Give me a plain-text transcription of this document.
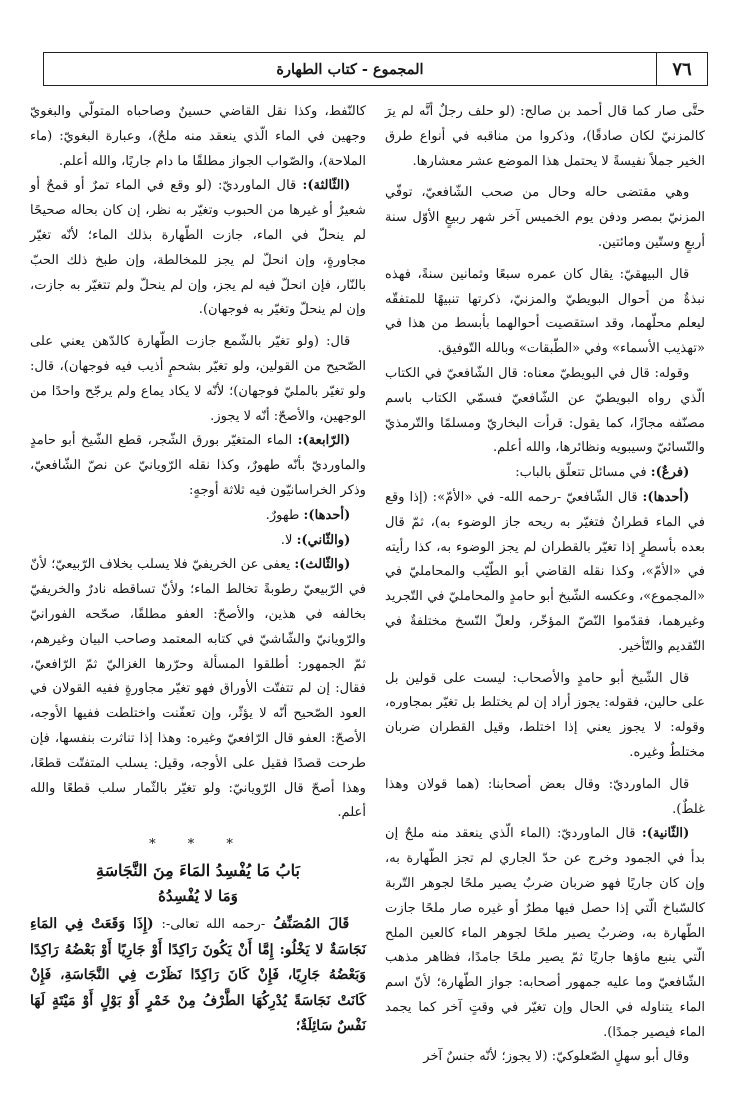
المجموع
-
كتاب الطهارة	٧٦

حتَّى صار كما قال أحمد بن صالح: (لو حلف رجلٌ أنَّه لم يرَ كالمزنيّ لكان صادقًا)، وذكروا من مناقبه في أنواع طرق الخير جملاً نفيسةً لا يحتمل هذا الموضع عشر معشارها.

وهي مقتضى حاله وحال من صحب الشّافعيّ، توفّي المزنيّ بمصر ودفن يوم الخميس آخر شهر ربيعٍ الأوّل سنة أربعٍ وستّين ومائتين.

قال البيهقيّ: يقال كان عمره سبعًا وثمانين سنةً، فهذه نبذةٌ من أحوال البويطيّ والمزنيّ، ذكرتها تنبيهًا للمتفقّه ليعلم محلّهما، وقد استقصيت أحوالهما بأبسط من هذا في «تهذيب الأسماء» وفي «الطّبقات» وبالله التّوفيق.

وقوله: قال في البويطيّ معناه: قال الشّافعيّ في الكتاب الّذي رواه البويطيّ عن الشّافعيّ فسمّي الكتاب باسم مصنّفه مجازًا، كما يقول: قرأت البخاريّ ومسلمًا والتّرمذيّ والنّسائيّ وسيبويه ونظائرها، والله أعلم.

(فرعٌ): في مسائل تتعلّق بالباب:

(أحدها): قال الشّافعيّ -رحمه الله- في «الأمّ»: (إذا وقع في الماء قطرانٌ فتغيّر به ريحه جاز الوضوء به)، ثمّ قال بعده بأسطرٍ إذا تغيّر بالقطران لم يجز الوضوء به، كذا رأيته في «الأمّ»، وكذا نقله القاضي أبو الطّيّب والمحامليّ في «المجموع»، وعكسه الشّيخ أبو حامدٍ والمحامليّ في التّجريد وغيرهما، فقدّموا النّصّ المؤخّر، ولعلّ النّسخ مختلفةٌ في التّقديم والتّأخير.

قال الشّيخ أبو حامدٍ والأصحاب: ليست على قولين بل على حالين، فقوله: يجوز أراد إن لم يختلط بل تغيّر بمجاوره، وقوله: لا يجوز يعني إذا اختلط، وقيل القطران ضربان مختلطٌ وغيره.

قال الماورديّ: وقال بعض أصحابنا: (هما قولان وهذا غلطٌ).

(الثّانية): قال الماورديّ: (الماء الّذي ينعقد منه ملحٌ إن بدأ في الجمود وخرج عن حدّ الجاري لم تجز الطّهارة به، وإن كان جاريًا فهو ضربان ضربٌ يصير ملحًا لجوهر التّربة كالسّباخ الّتي إذا حصل فيها مطرٌ أو غيره صار ملحًا جازت الطّهارة به، وضربٌ يصير ملحًا لجوهر الماء كالعين الملح الّتي ينبع ماؤها جاريًا ثمّ يصير ملحًا جامدًا، فظاهر مذهب الشّافعيّ وما عليه جمهور أصحابه: جواز الطّهارة؛ لأنّ اسم الماء يتناوله في الحال وإن تغيّر في وقتٍ آخر كما يجمد الماء فيصير جمدًا).

وقال أبو سهلٍ الصّعلوكيّ: (لا يجوز؛ لأنّه جنسٌ آخر

كالنّفط، وكذا نقل القاضي حسينٌ وصاحباه المتولّي والبغويّ وجهين في الماء الّذي ينعقد منه ملحٌ)، وعبارة البغويّ: (ماء الملاحة)، والصّواب الجواز مطلقًا ما دام جاريًا، والله أعلم.

(الثّالثة): قال الماورديّ: (لو وقع في الماء تمرٌ أو قمحٌ أو شعيرٌ أو غيرها من الحبوب وتغيّر به نظر، إن كان بحاله صحيحًا لم ينحلّ في الماء، جازت الطّهارة بذلك الماء؛ لأنّه تغيّر مجاورةٍ، وإن انحلّ لم يجز للمخالطة، وإن طبخ ذلك الحبّ بالنّار، فإن انحلّ فيه لم يجز، وإن لم ينحلّ ولم تتغيّر به جازت، وإن لم ينحلّ وتغيّر به فوجهان).

قال: (ولو تغيّر بالشّمع جازت الطّهارة كالدّهن يعني على الصّحيح من القولين، ولو تغيّر بشحمٍ أذيب فيه فوجهان)، قال: ولو تغيّر بالمليّ فوجهان)؛ لأنّه لا يكاد يماع ولم يرجّح واحدًا من الوجهين، والأصحّ: أنّه لا يجوز.

(الرّابعة): الماء المتغيّر بورق الشّجر، قطع الشّيخ أبو حامدٍ والماورديّ بأنّه طهورٌ، وكذا نقله الرّويانيّ عن نصّ الشّافعيّ، وذكر الخراسانيّون فيه ثلاثة أوجهٍ:

(أحدها): طهورٌ.

(والثّاني): لا.

(والثّالث): يعفى عن الخريفيّ فلا يسلب بخلاف الرّبيعيّ؛ لأنّ في الرّبيعيّ رطوبةً تخالط الماء؛ ولأنّ تساقطه نادرٌ والخريفيّ بخالفه في هذين، والأصحّ: العفو مطلقًا، صحّحه الفورانيّ والرّويانيّ والشّاشيّ في كتابه المعتمد وصاحب البيان وغيرهم، ثمّ الجمهور: أطلقوا المسألة وحرّرها الغزاليّ ثمّ الرّافعيّ، فقال: إن لم تتفتّت الأوراق فهو تغيّر مجاورةٍ ففيه القولان في العود الصّحيح أنّه لا يؤثّر، وإن تعفّنت واختلطت ففيها الأوجه، الأصحّ: العفو قال الرّافعيّ وغيره: وهذا إذا تناثرت بنفسها، فإن طرحت قصدًا فقيل على الأوجه، وقيل: يسلب المتفتّت قطعًا، وهذا أصحّ قال الرّويانيّ: ولو تغيّر بالثّمار سلب قطعًا والله أعلم.

* * *
بَابُ مَا يُفْسِدُ المَاءَ مِنَ النَّجَاسَةِ
وَمَا لا يُفْسِدُهُ

قَالَ المُصَنِّفُ -رحمه الله تعالى-: (إِذَا وَقَعَتْ فِي المَاءِ نَجَاسَةٌ لا يَخْلُو: إِمَّا أَنْ يَكُونَ رَاكِدًا أَوْ جَارِيًا أَوْ بَعْضُهُ رَاكِدًا وَبَعْضُهُ جَارِيًا، فَإِنْ كَانَ رَاكِدًا نَظَرْتَ فِي النَّجَاسَةِ، فَإِنْ كَانَتْ نَجَاسَةً يُدْرِكُهَا الطَّرْفُ مِنْ خَمْرٍ أَوْ بَوْلٍ أَوْ مَيْتَةٍ لَهَا نَفْسٌ سَائِلَةٌ؛
